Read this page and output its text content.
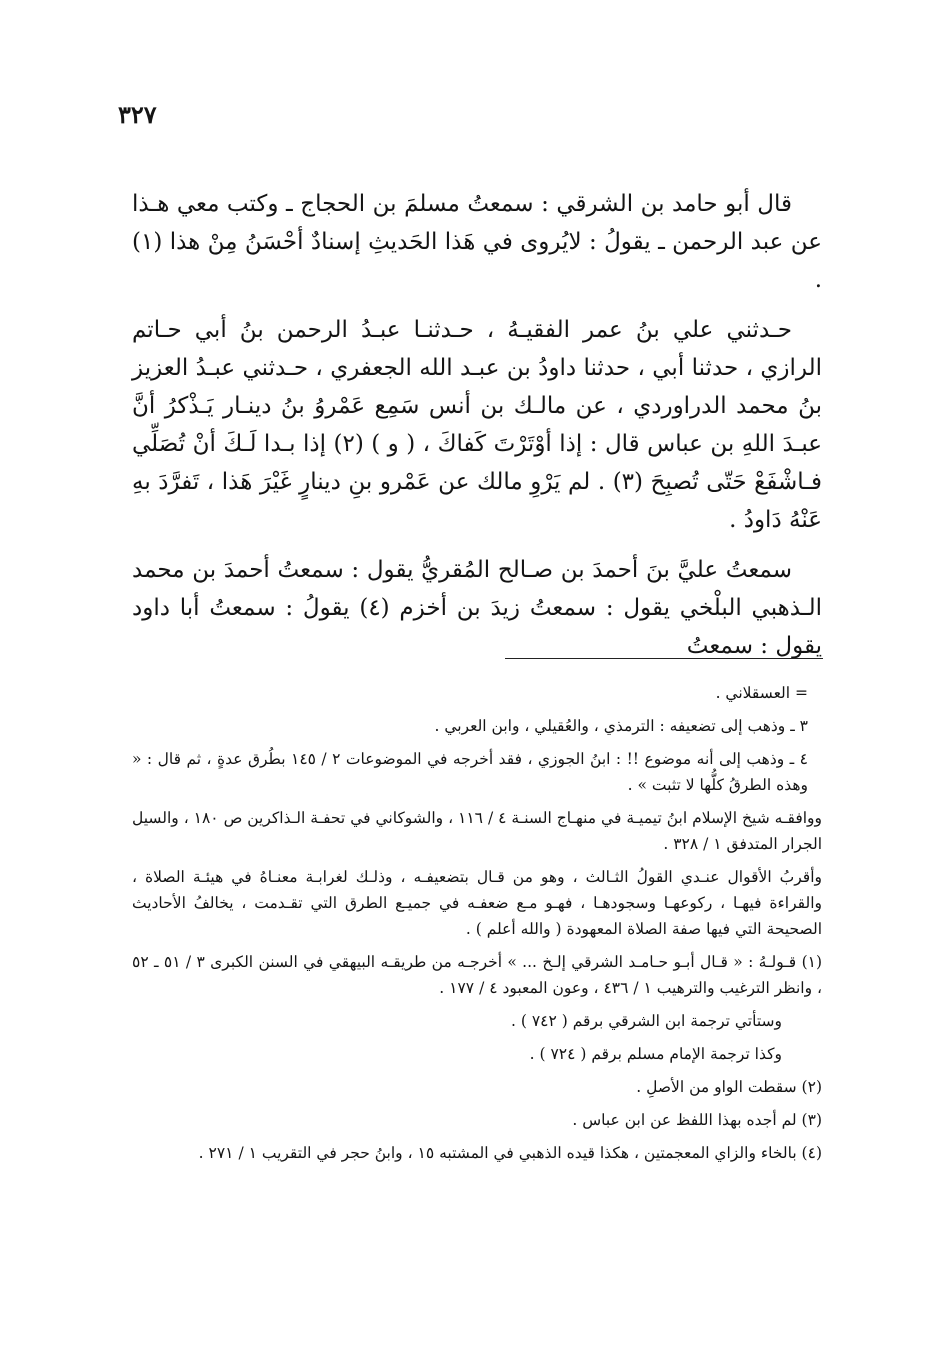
٣٢٧

قال أبو حامد بن الشرقي : سمعتُ مسلمَ بن الحجاج ـ وكتب معي هـذا عن عبد الرحمن ـ يقولُ : لايُروى في هَذا الحَديثِ إسنادٌ أحْسَنُ مِنْ هذا (١) .

حـدثني علي بنُ عمر الفقيـهُ ، حـدثنـا عبـدُ الرحمن بنُ أبي حـاتم الرازي ، حدثنا أبي ، حدثنا داودُ بن عبـد الله الجعفري ، حـدثني عبـدُ العزيز بنُ محمد الدراوردي ، عن مالـك بن أنس سَمِع عَمْروُ بنُ دينـار يَـذْكرُ أنَّ عبـدَ اللهِ بن عباس قال : إذا أوْتَرْتَ كَفاكَ ، ( و ) (٢) إذا بـدا لَـكَ أنْ تُصَلِّي فـاشْفَعْ حَتّى تُصبِحَ (٣) . لم يَرْوِ مالك عن عَمْرو بنِ دينارٍ غَيْرَ هَذا ، تَفرَّدَ بهِ عَنْهُ دَاودُ .

سمعتُ عليَّ بنَ أحمدَ بن صـالح المُقريُّ يقول : سمعتُ أحمدَ بن محمد الـذهبي البلْخي يقول : سمعتُ زيدَ بن أخزم (٤) يقولُ : سمعتُ أبا داود يقول : سمعتُ

= العسقلاني .
٣ ـ وذهب إلى تضعيفه : الترمذي ، والعُقيلي ، وابن العربي .
٤ ـ وذهب إلى أنه موضوع !! : ابنُ الجوزي ، فقد أخرجه في الموضوعات ٢ / ١٤٥ بطُرق عدةٍ ، ثم قال : « وهذه الطرقُ كلُّها لا تثبت » .
ووافقـه شيخ الإسلام ابنُ تيميـة في منهـاج السنـة ٤ / ١١٦ ، والشوكاني في تحفـة الـذاكرين ص ١٨٠ ، والسيل الجرار المتدفق ١ / ٣٢٨ .
وأقربُ الأقوال عنـدي القولُ الثـالث ، وهو من قـال بتضعيفـه ، وذلـك لغرابـة معنـاهُ في هيئـة الصلاة ، والقراءة فيهـا ، ركوعهـا وسجودهـا ، فهـو مـع ضعفـه في جميـع الطرق التي تقـدمت ، يخالفُ الأحاديث الصحيحة التي فيها صفة الصلاة المعهودة ( والله أعلم ) .
(١) قـولـهُ : « قـال أبـو حـامـد الشرقي إلـخ ... » أخرجـه من طريقـه البيهقي في السنن الكبرى ٣ / ٥١ ـ ٥٢ ، وانظر الترغيب والترهيب ١ / ٤٣٦ ، وعون المعبود ٤ / ١٧٧ .
وستأتي ترجمة ابن الشرقي برقم ( ٧٤٢ ) .
وكذا ترجمة الإمام مسلم برقم ( ٧٢٤ ) .
(٢) سقطت الواو من الأصلِ .
(٣) لم أجده بهذا اللفظ عن ابن عباس .
(٤) بالخاء والزاي المعجمتين ، هكذا قيده الذهبي في المشتبه ١٥ ، وابنُ حجر في التقريب ١ / ٢٧١ .
